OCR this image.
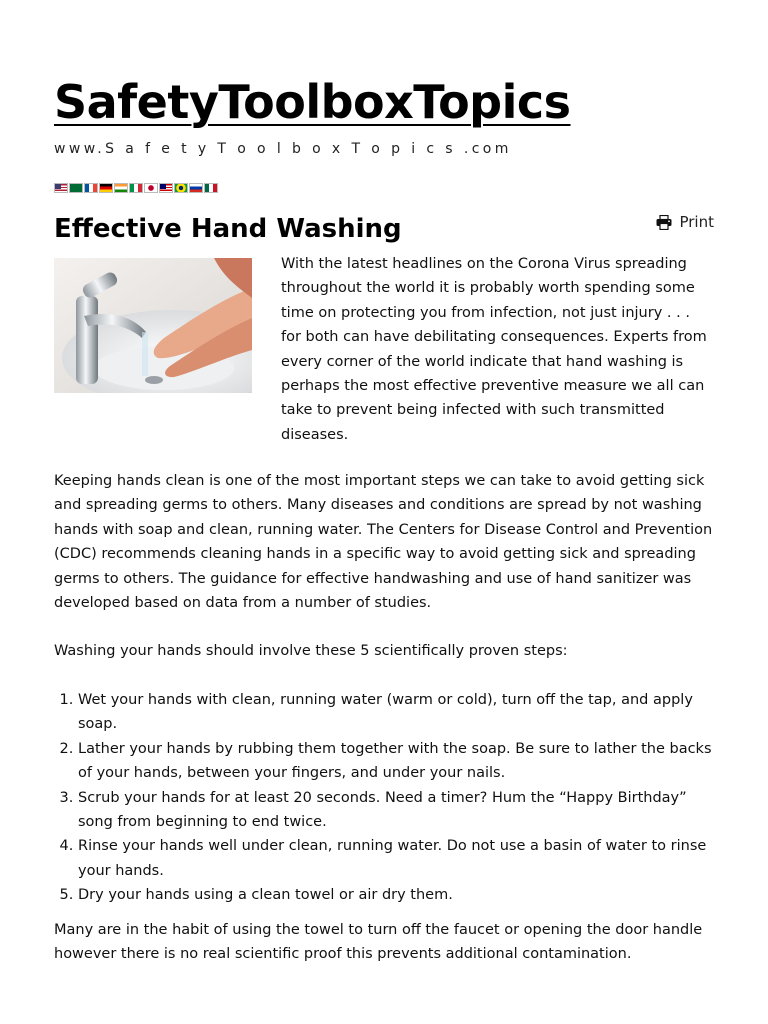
SafetyToolboxTopics
www.S a f e t y T o o l b o x T o p i c s .com
Effective Hand Washing	Print

With the latest headlines on the Corona Virus spreading throughout the world it is probably worth spending some time on protecting you from infection, not just injury . . . for both can have debilitating consequences. Experts from every corner of the world indicate that hand washing is perhaps the most effective preventive measure we all can take to prevent being infected with such transmitted diseases.

Keeping hands clean is one of the most important steps we can take to avoid getting sick and spreading germs to others. Many diseases and conditions are spread by not washing hands with soap and clean, running water. The Centers for Disease Control and Prevention (CDC) recommends cleaning hands in a specific way to avoid getting sick and spreading germs to others. The guidance for effective handwashing and use of hand sanitizer was developed based on data from a number of studies.

Washing your hands should involve these 5 scientifically proven steps:

1. Wet your hands with clean, running water (warm or cold), turn off the tap, and apply soap.
2. Lather your hands by rubbing them together with the soap. Be sure to lather the backs of your hands, between your fingers, and under your nails.
3. Scrub your hands for at least 20 seconds. Need a timer? Hum the “Happy Birthday” song from beginning to end twice.
4. Rinse your hands well under clean, running water. Do not use a basin of water to rinse your hands.
5. Dry your hands using a clean towel or air dry them.

Many are in the habit of using the towel to turn off the faucet or opening the door handle however there is no real scientific proof this prevents additional contamination.
